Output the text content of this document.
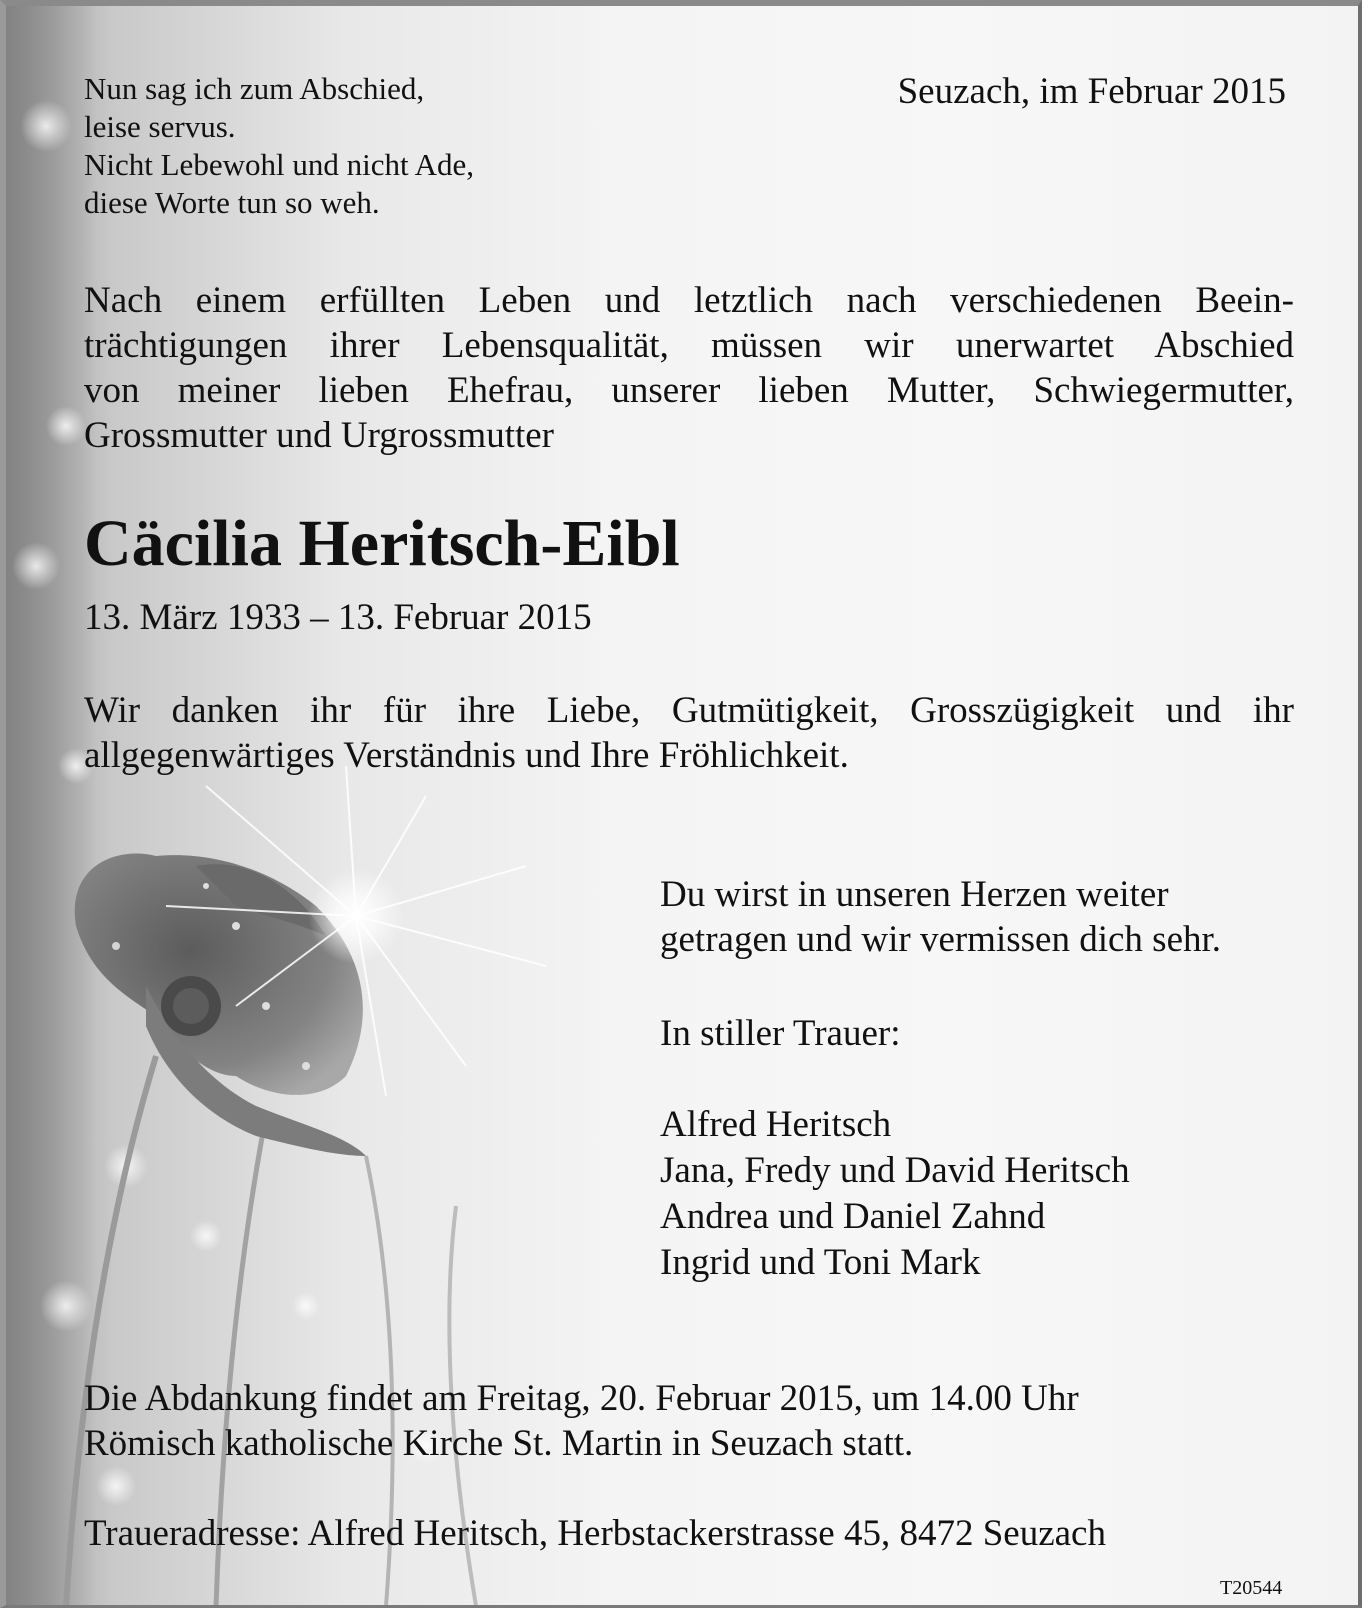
Nun sag ich zum Abschied,
leise servus.
Nicht Lebewohl und nicht Ade,
diese Worte tun so weh.
Seuzach, im Februar 2015
Nach einem erfüllten Leben und letztlich nach verschiedenen Beein-
trächtigungen ihrer Lebensqualität, müssen wir unerwartet Abschied
von meiner lieben Ehefrau, unserer lieben Mutter, Schwiegermutter,
Grossmutter und Urgrossmutter
Cäcilia Heritsch-Eibl
13. März 1933 – 13. Februar 2015
Wir danken ihr für ihre Liebe, Gutmütigkeit, Grosszügigkeit und ihr
allgegenwärtiges Verständnis und Ihre Fröhlichkeit.
Du wirst in unseren Herzen weiter
getragen und wir vermissen dich sehr.
In stiller Trauer:
Alfred Heritsch
Jana, Fredy und David Heritsch
Andrea und Daniel Zahnd
Ingrid und Toni Mark
Die Abdankung findet am Freitag, 20. Februar 2015, um 14.00 Uhr
Römisch katholische Kirche St. Martin in Seuzach statt.
Traueradresse: Alfred Heritsch, Herbstackerstrasse 45, 8472 Seuzach
T20544
